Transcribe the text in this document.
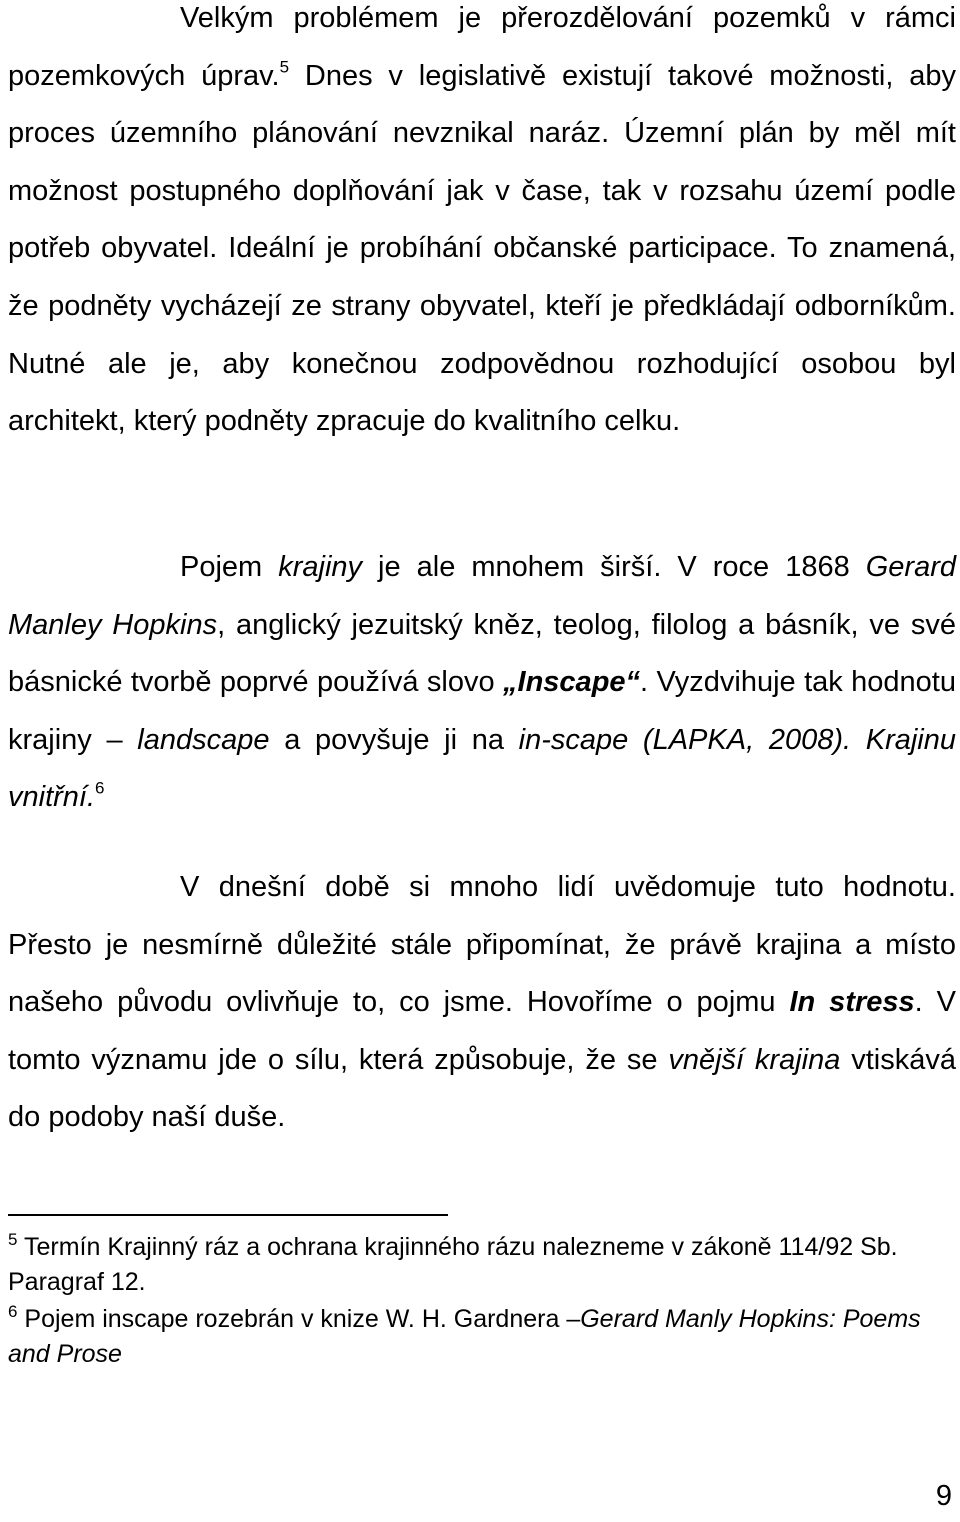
Velkým problémem je přerozdělování pozemků v rámci pozemkových úprav.$^5$ Dnes v legislativě existují takové možnosti, aby proces územního plánování nevznikal naráz. Územní plán by měl mít možnost postupného doplňování jak v čase, tak v rozsahu území podle potřeb obyvatel. Ideální je probíhání občanské participace. To znamená, že podněty vycházejí ze strany obyvatel, kteří je předkládají odborníkům. Nutné ale je, aby konečnou zodpovědnou rozhodující osobou byl architekt, který podněty zpracuje do kvalitního celku.

Pojem krajiny je ale mnohem širší. V roce 1868 Gerard Manley Hopkins, anglický jezuitský kněz, teolog, filolog a básník, ve své básnické tvorbě poprvé používá slovo „Inscape“. Vyzdvihuje tak hodnotu krajiny – landscape a povyšuje ji na in-scape (LAPKA, 2008). Krajinu vnitřní.$^6$

V dnešní době si mnoho lidí uvědomuje tuto hodnotu. Přesto je nesmírně důležité stále připomínat, že právě krajina a místo našeho původu ovlivňuje to, co jsme. Hovoříme o pojmu In stress. V tomto významu jde o sílu, která způsobuje, že se vnější krajina vtiskává do podoby naší duše.

$^5$ Termín Krajinný ráz a ochrana krajinného rázu nalezneme v zákoně 114/92 Sb. Paragraf 12.

$^6$ Pojem inscape rozebrán v knize W. H. Gardnera –Gerard Manly Hopkins: Poems and Prose

9
